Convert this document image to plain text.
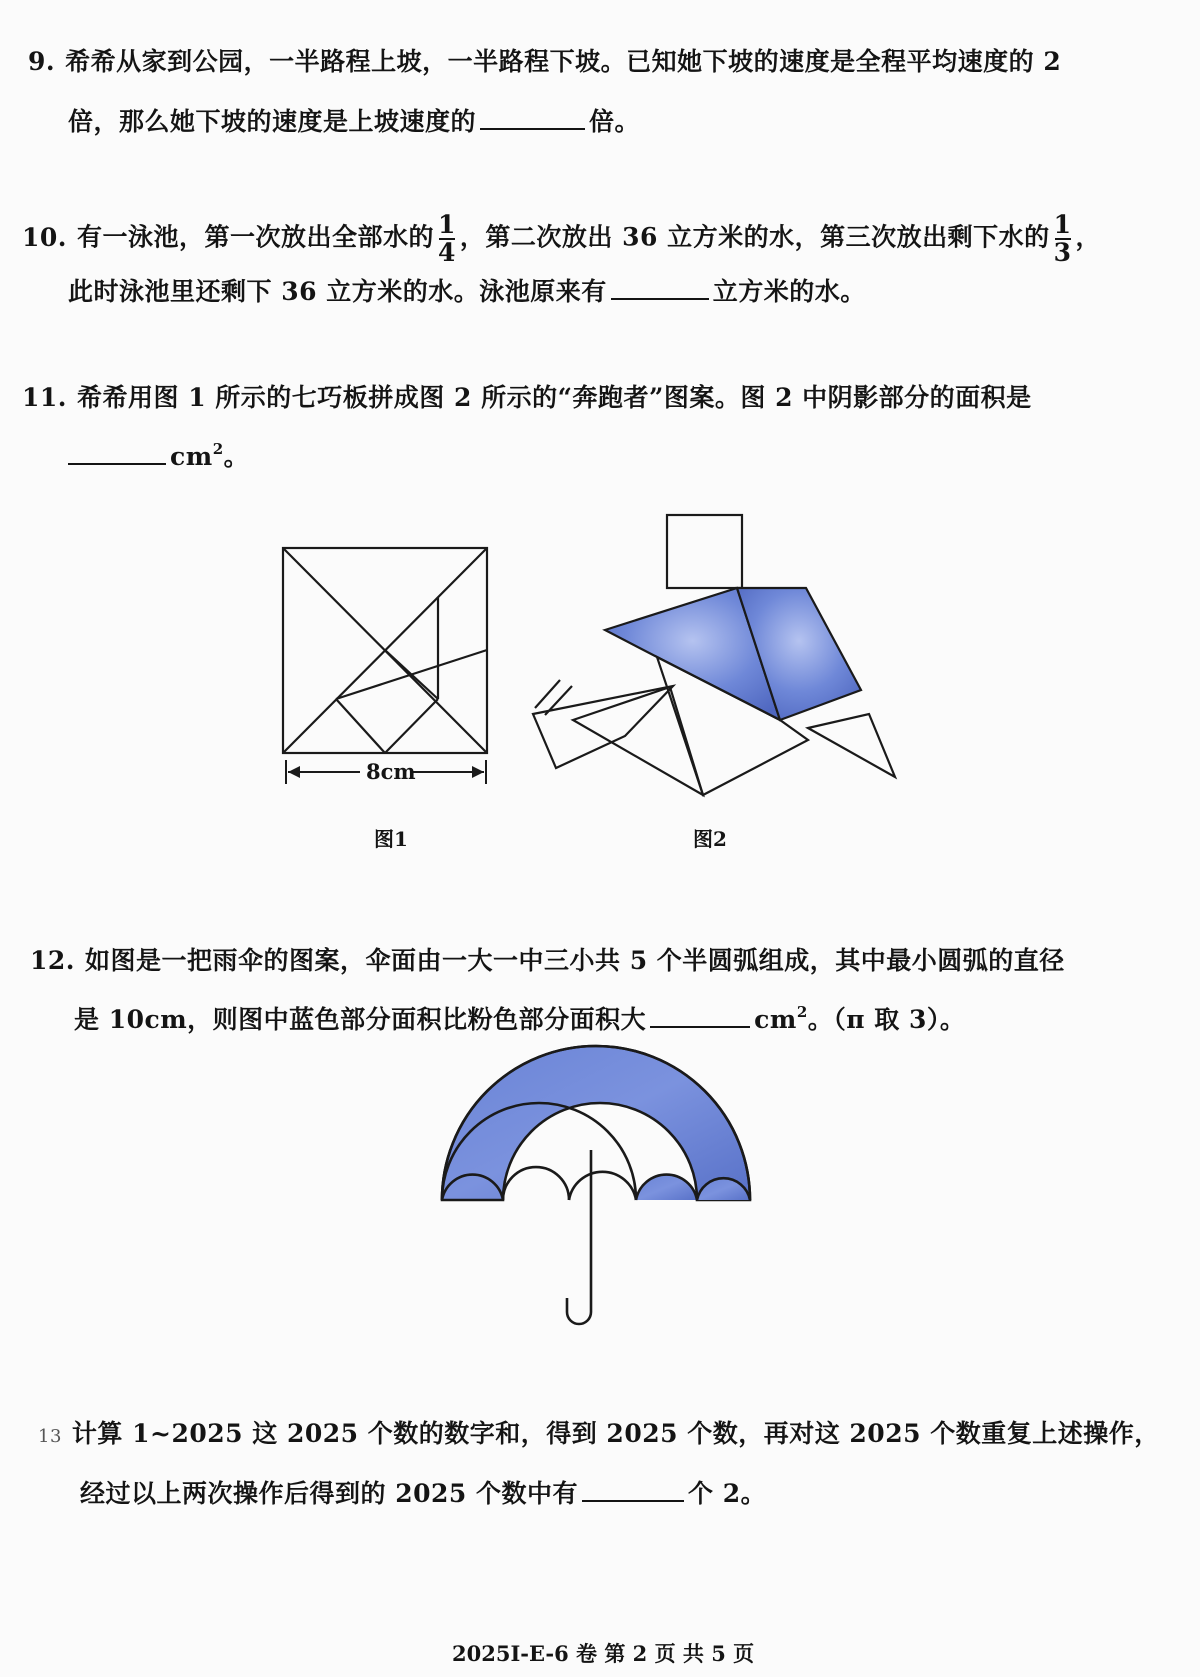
9. 希希从家到公园，一半路程上坡，一半路程下坡。已知她下坡的速度是全程平均速度的 2
倍，那么她下坡的速度是上坡速度的	倍。
10. 有一泳池，第一次放出全部水的 $\frac{1}{4}$ ，第二次放出 36 立方米的水，第三次放出剩下水的 $\frac{1}{3}$ ，
此时泳池里还剩下 36 立方米的水。泳池原来有	立方米的水。
11. 希希用图 1 所示的七巧板拼成图 2 所示的“奔跑者”图案。图 2 中阴影部分的面积是
$cm^2$。
8cm
图1	图2
12. 如图是一把雨伞的图案，伞面由一大一中三小共 5 个半圆弧组成，其中最小圆弧的直径
是 10cm，则图中蓝色部分面积比粉色部分面积大	$cm^2$。（π 取 3）。
13 计算 1~2025 这 2025 个数的数字和，得到 2025 个数，再对这 2025 个数重复上述操作，
经过以上两次操作后得到的 2025 个数中有	个 2。
2025I-E-6 卷 第 2 页 共 5 页
